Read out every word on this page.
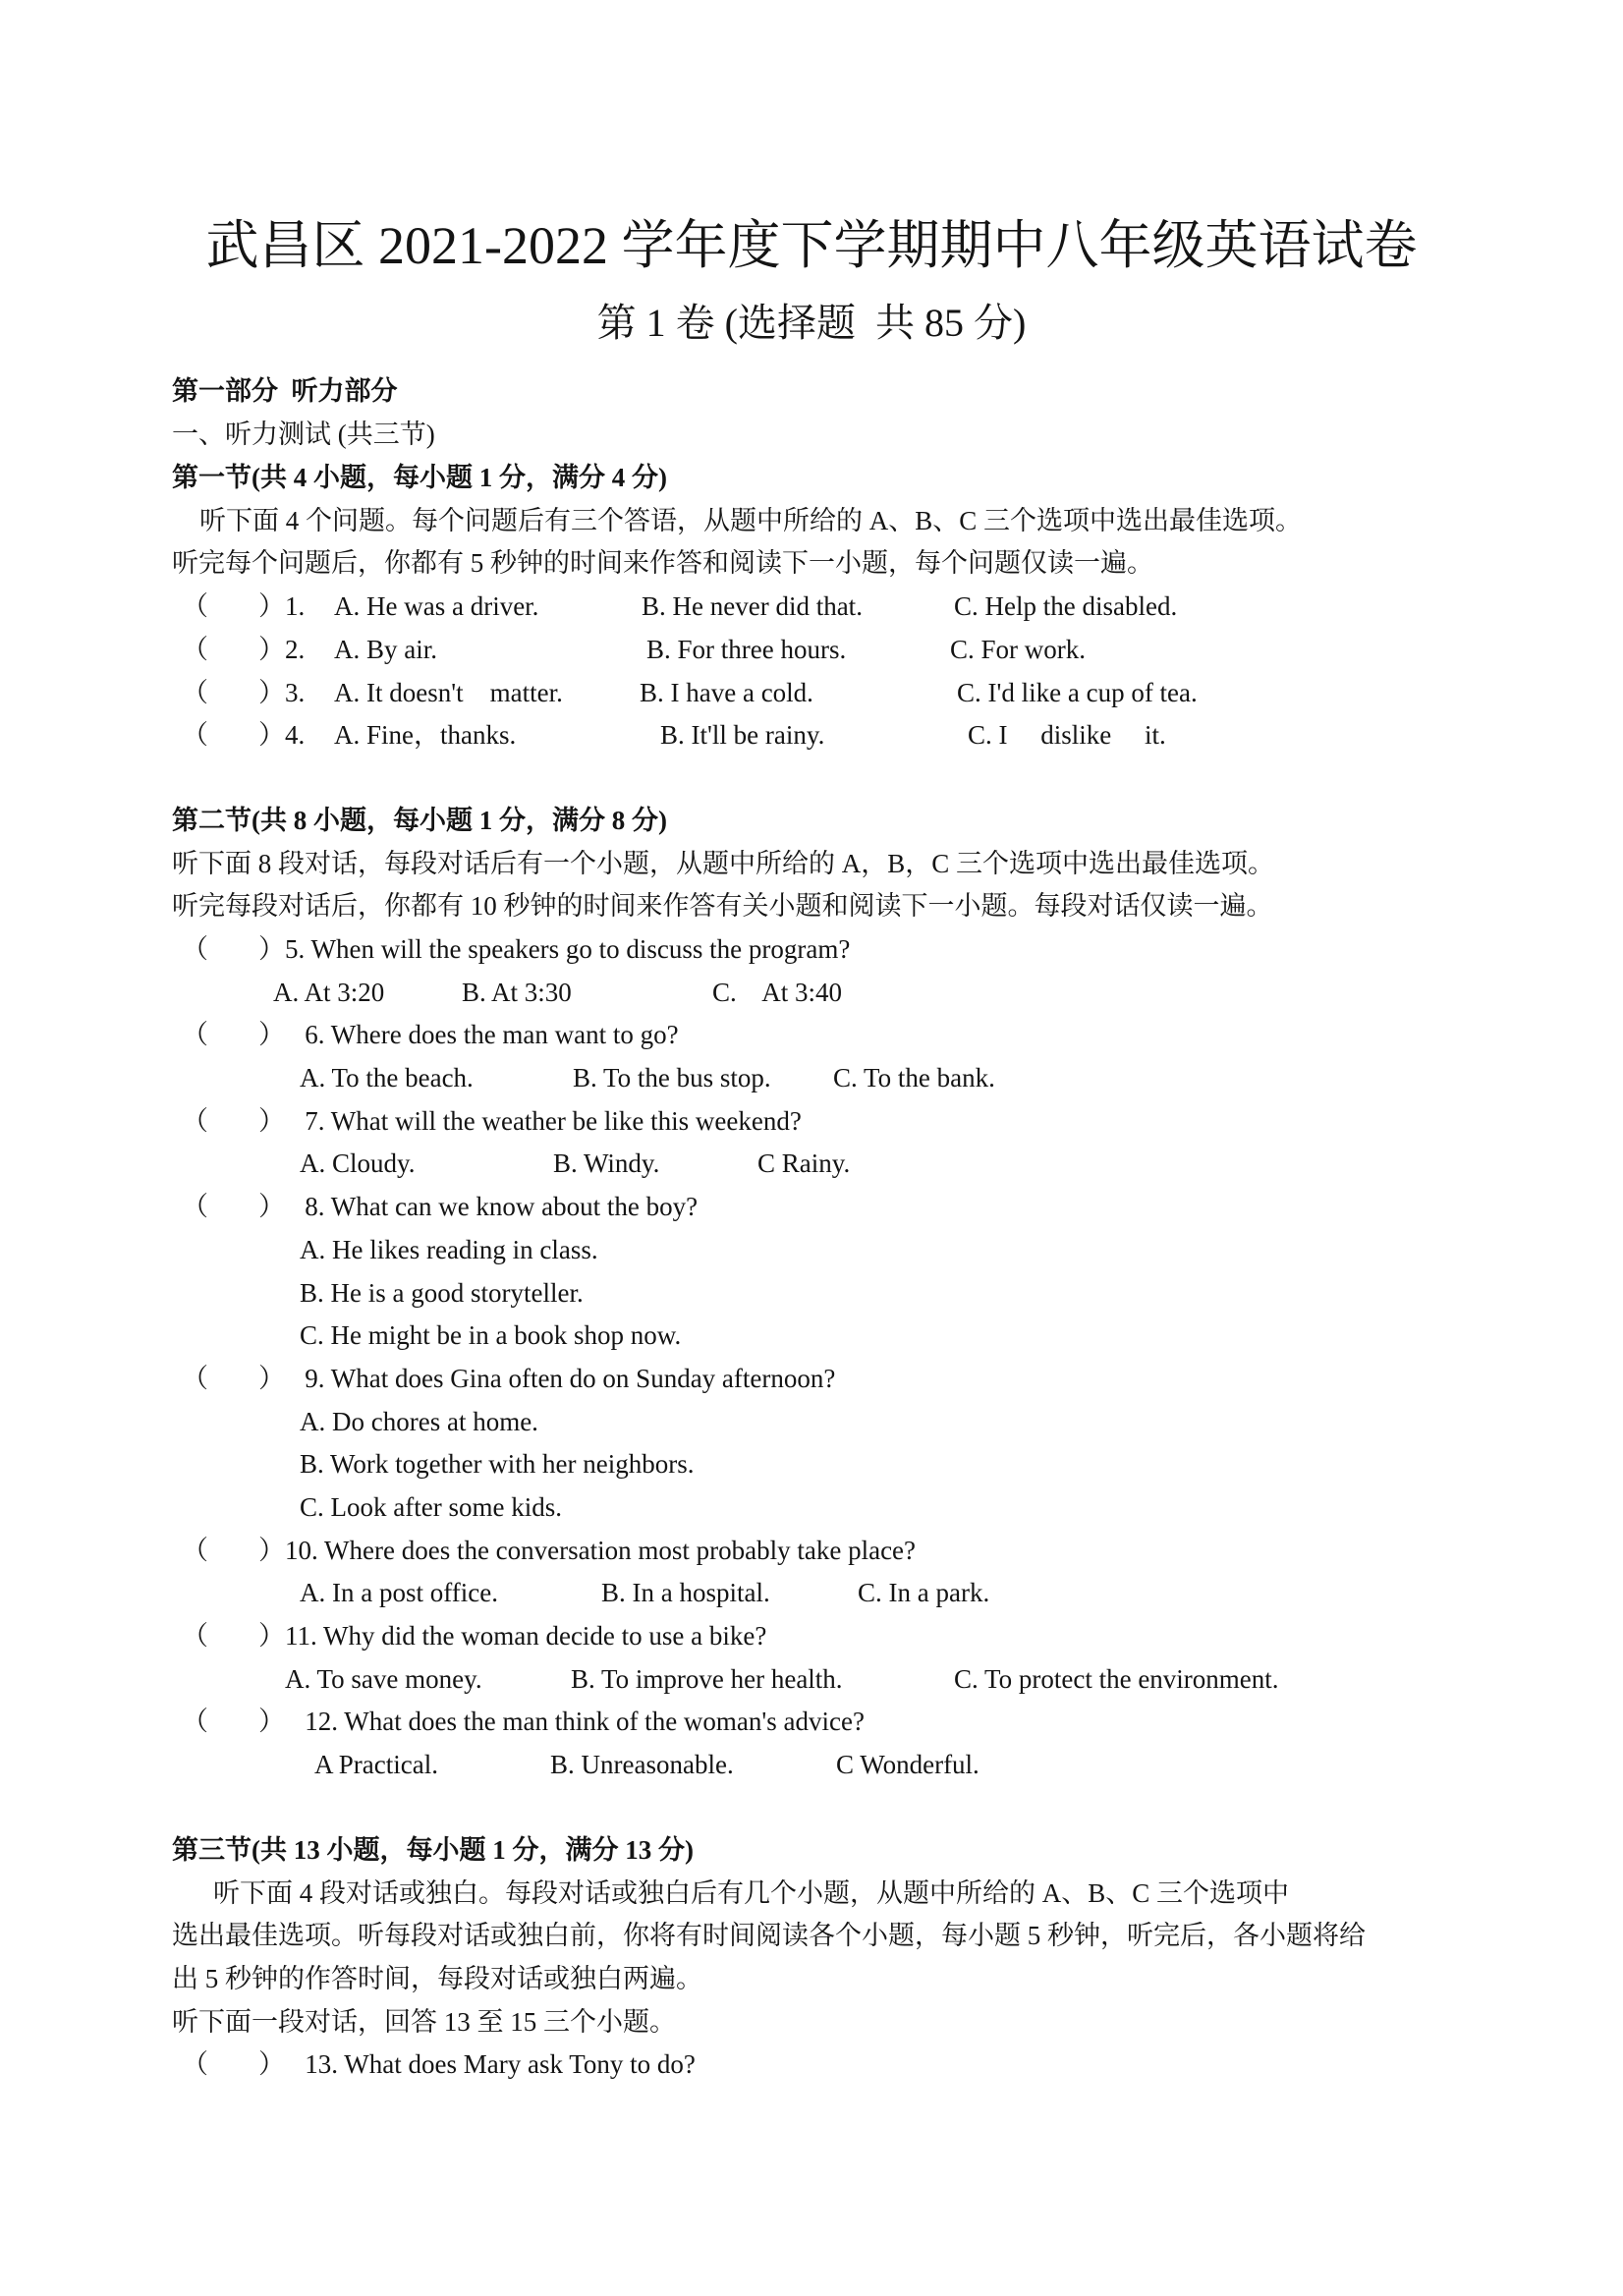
武昌区 2021-2022 学年度下学期期中八年级英语试卷
第 1 卷 (选择题  共 85 分)
第一部分  听力部分
一、听力测试 (共三节)
第一节(共 4 小题，每小题 1 分，满分 4 分)
听下面 4 个问题。每个问题后有三个答语，从题中所给的 A、B、C 三个选项中选出最佳选项。
听完每个问题后，你都有 5 秒钟的时间来作答和阅读下一小题，每个问题仅读一遍。
（ ）1. A. He was a driver.	B. He never did that.	C. Help the disabled.
（ ）2. A. By air.	B. For three hours.	C. For work.
（ ）3. A. It doesn't    matter.	B. I have a cold.	C. I'd like a cup of tea.
（ ）4. A. Fine，thanks.	B. It'll be rainy.	C. I     dislike     it.
第二节(共 8 小题，每小题 1 分，满分 8 分)
听下面 8 段对话，每段对话后有一个小题，从题中所给的 A，B，C 三个选项中选出最佳选项。
听完每段对话后，你都有 10 秒钟的时间来作答有关小题和阅读下一小题。每段对话仅读一遍。
（ ）5. When will the speakers go to discuss the program?
A. At 3:20	B. At 3:30	C.    At 3:40
（ ）   6. Where does the man want to go?
A. To the beach.	B. To the bus stop. C. To the bank.
（ ）   7. What will the weather be like this weekend?
A. Cloudy.	B. Windy.	C Rainy.
（ ）   8. What can we know about the boy?
A. He likes reading in class.
B. He is a good storyteller.
C. He might be in a book shop now.
（ ）   9. What does Gina often do on Sunday afternoon?
A. Do chores at home.
B. Work together with her neighbors.
C. Look after some kids.
（ ）10. Where does the conversation most probably take place?
A. In a post office.	B. In a hospital.	C. In a park.
（ ）11. Why did the woman decide to use a bike?
A. To save money.	B. To improve her health.	C. To protect the environment.
（ ）   12. What does the man think of the woman's advice?
A Practical.	B. Unreasonable.	C Wonderful.
第三节(共 13 小题，每小题 1 分，满分 13 分)
听下面 4 段对话或独白。每段对话或独白后有几个小题，从题中所给的 A、B、C 三个选项中
选出最佳选项。听每段对话或独白前，你将有时间阅读各个小题，每小题 5 秒钟，听完后，各小题将给
出 5 秒钟的作答时间，每段对话或独白两遍。
听下面一段对话，回答 13 至 15 三个小题。
（ ）   13. What does Mary ask Tony to do?
